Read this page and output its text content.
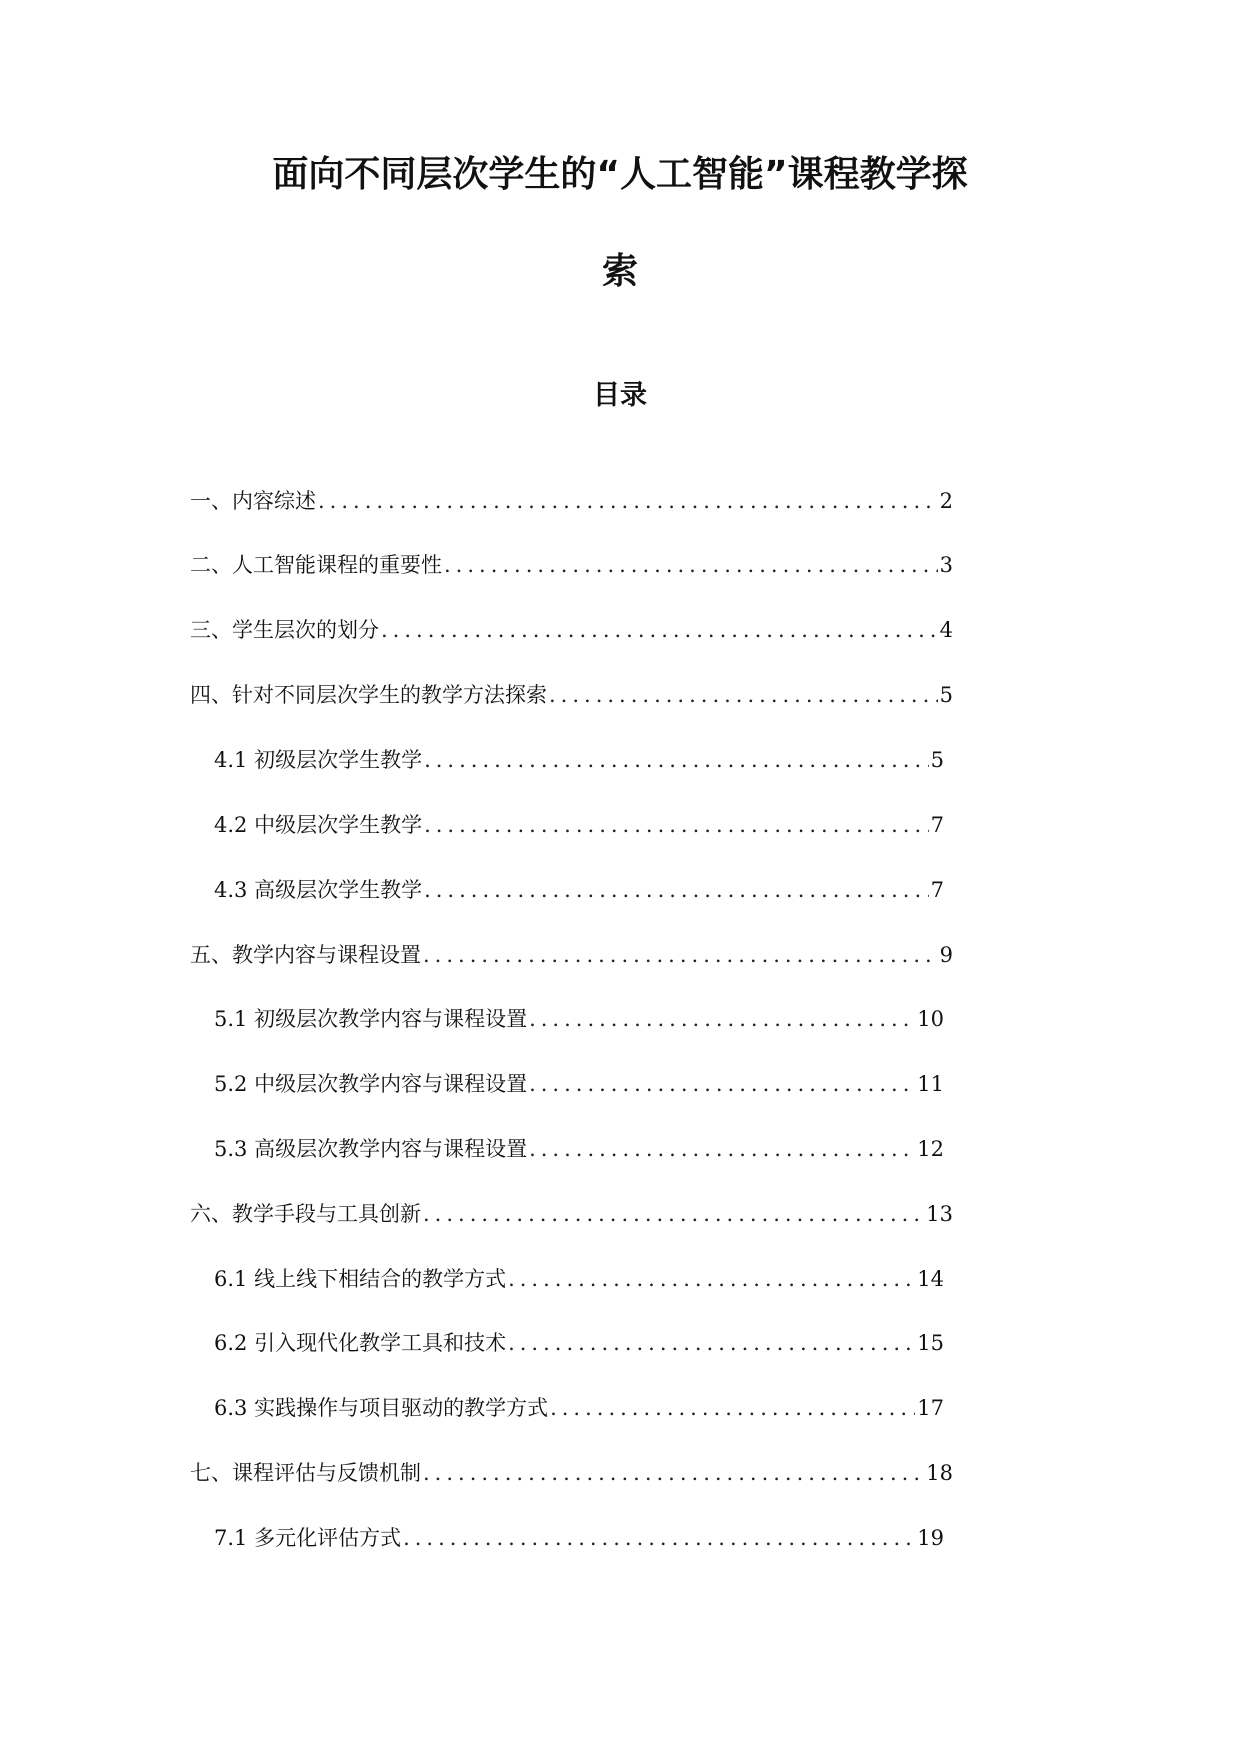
面向不同层次学生的“人工智能”课程教学探
索
目录
一、内容综述 .....	2
二、人工智能课程的重要性 .....	3
三、学生层次的划分 .....	4
四、针对不同层次学生的教学方法探索 .....	5
4.1 初级层次学生教学 .....	5
4.2 中级层次学生教学 .....	7
4.3 高级层次学生教学 .....	7
五、教学内容与课程设置 .....	9
5.1 初级层次教学内容与课程设置 .....	10
5.2 中级层次教学内容与课程设置 .....	11
5.3 高级层次教学内容与课程设置 .....	12
六、教学手段与工具创新 .....	13
6.1 线上线下相结合的教学方式 .....	14
6.2 引入现代化教学工具和技术 .....	15
6.3 实践操作与项目驱动的教学方式 .....	17
七、课程评估与反馈机制 .....	18
7.1 多元化评估方式 .....	19
